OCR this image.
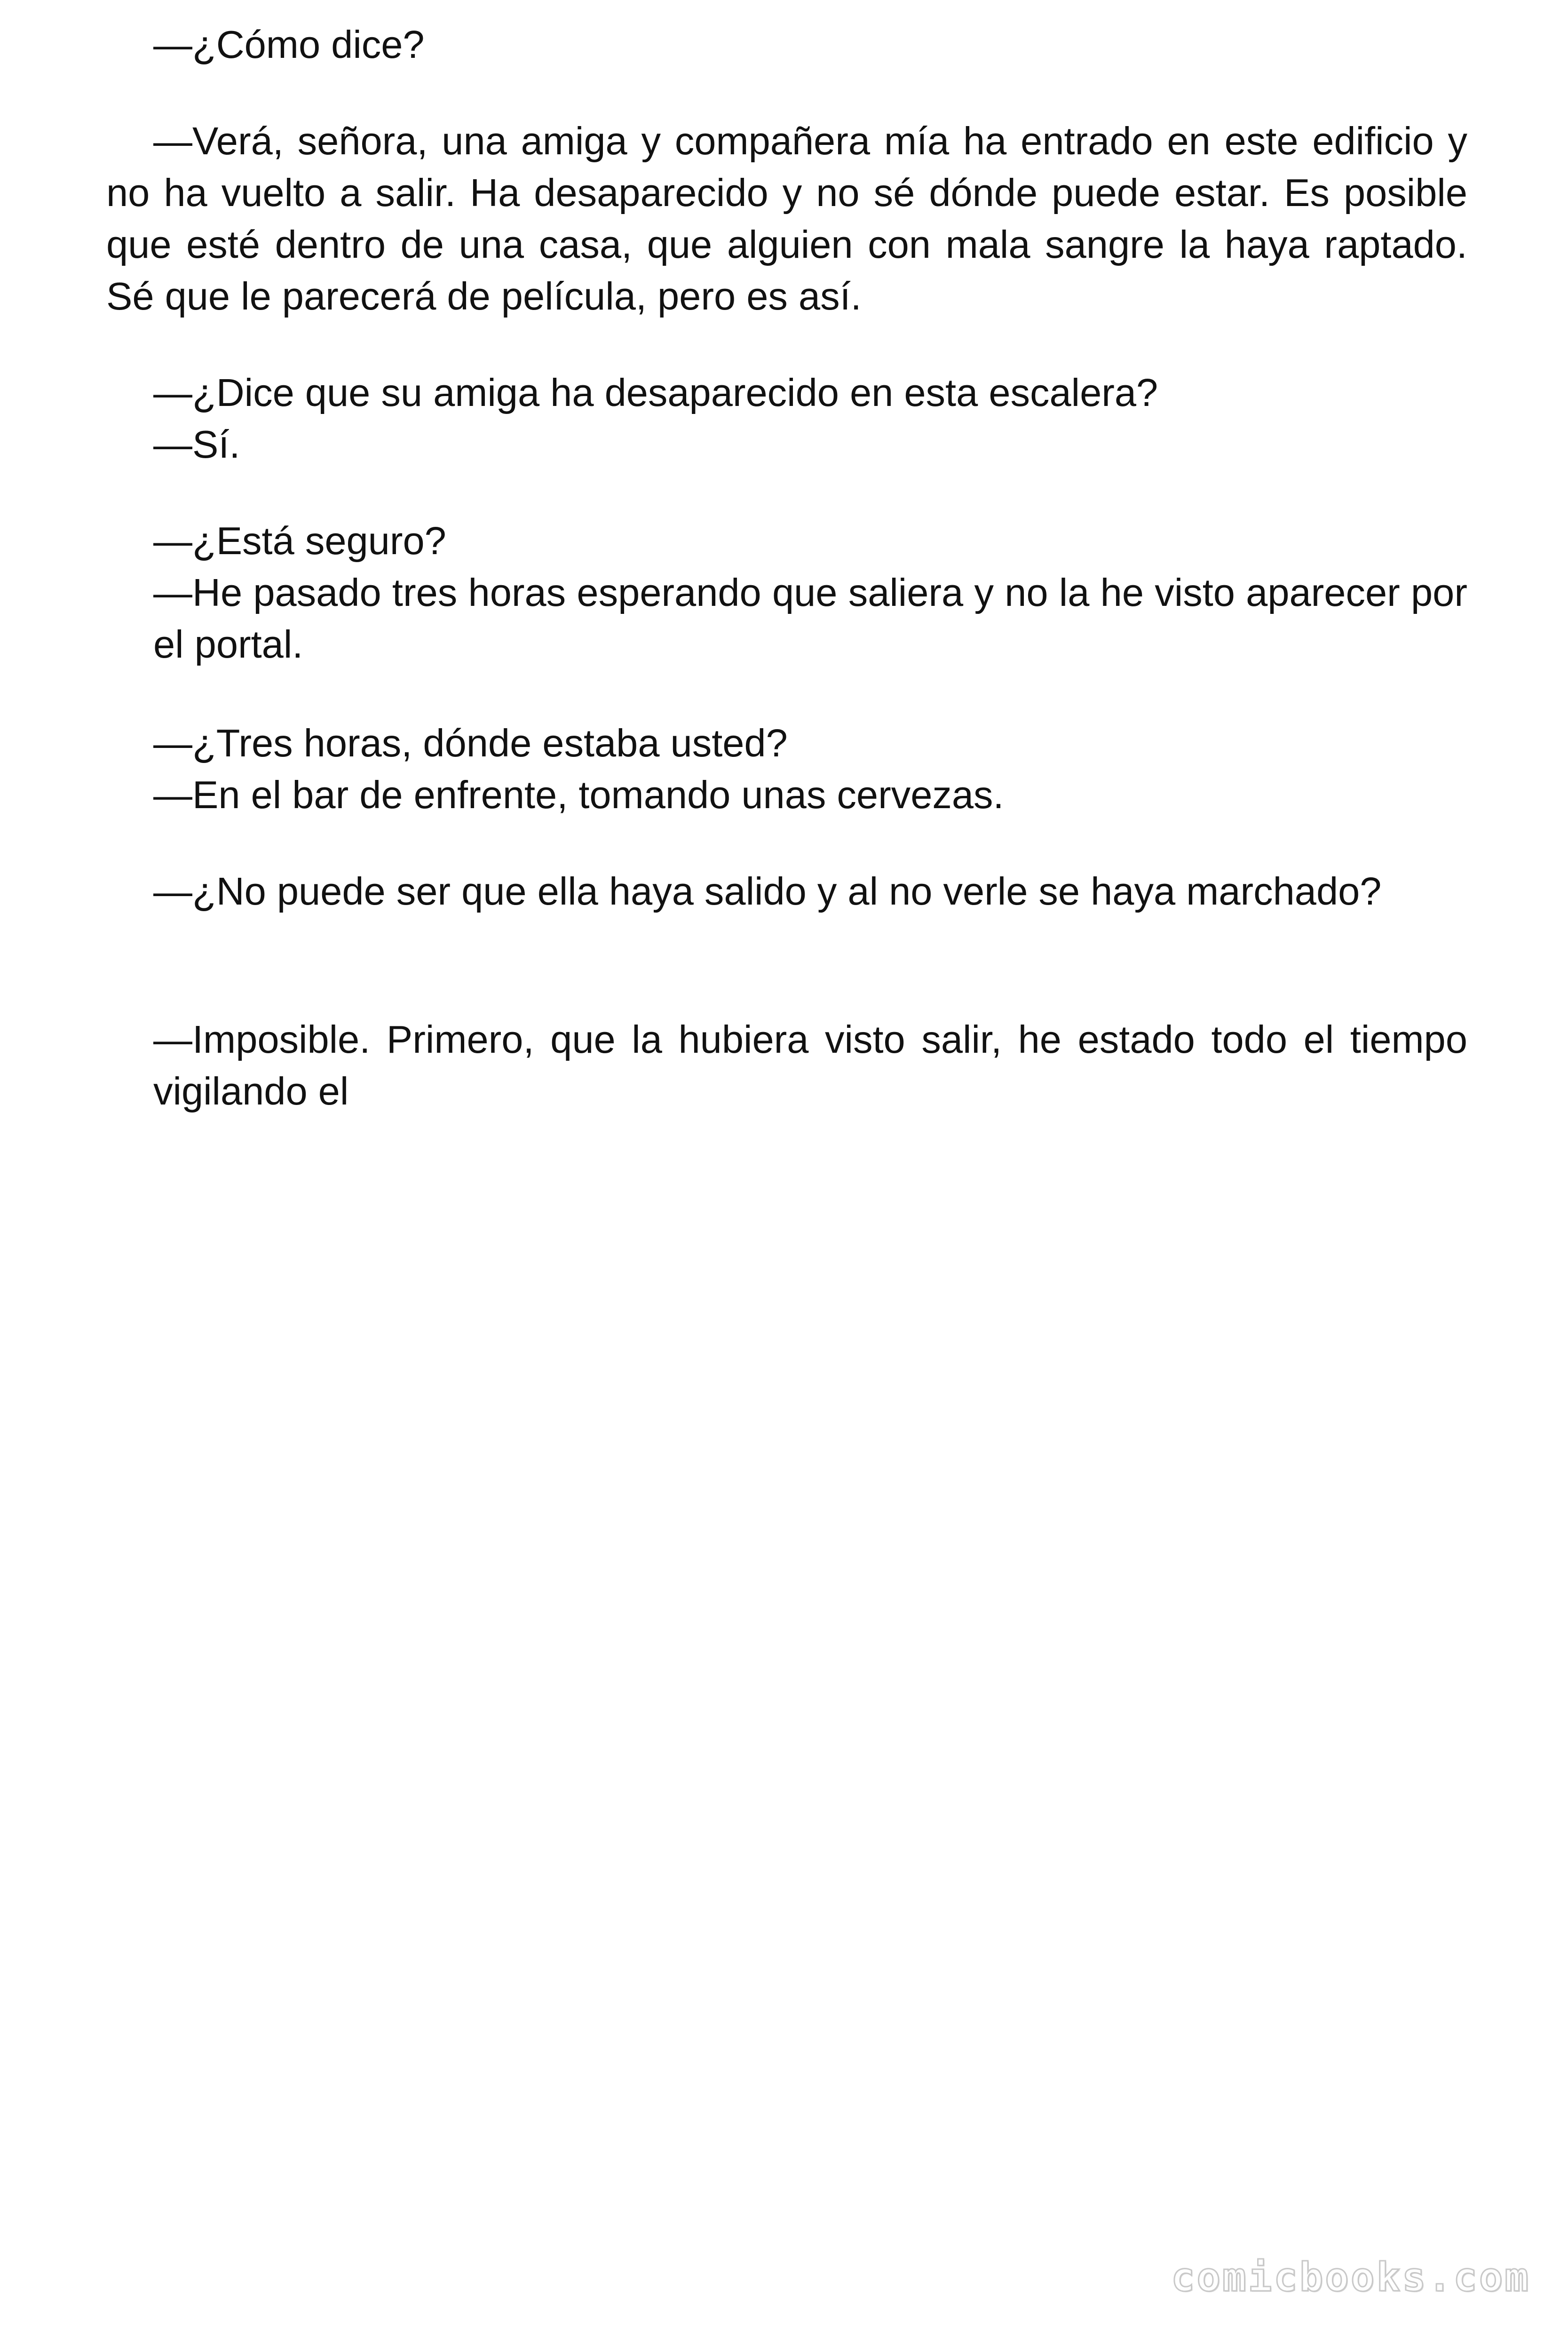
—¿Cómo dice?

—Verá, señora, una amiga y compañera mía ha entrado en este edificio y no ha vuelto a salir. Ha desaparecido y no sé dónde puede estar. Es posible que esté dentro de una casa, que alguien con mala sangre la haya raptado. Sé que le parecerá de película, pero es así.

—¿Dice que su amiga ha desaparecido en esta escalera?

—Sí.

—¿Está seguro?

—He pasado tres horas esperando que saliera y no la he visto aparecer por el portal.

—¿Tres horas, dónde estaba usted?

—En el bar de enfrente, tomando unas cervezas.

—¿No puede ser que ella haya salido y al no verle se haya marchado?

—Imposible. Primero, que la hubiera visto salir, he estado todo el tiempo vigilando el

comicbooks.com
